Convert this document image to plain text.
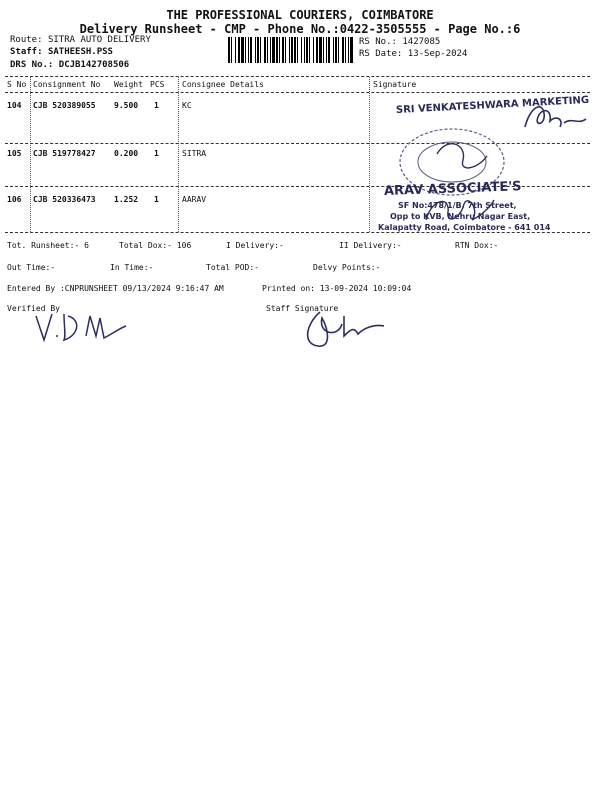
THE PROFESSIONAL COURIERS, COIMBATORE
Delivery Runsheet - CMP - Phone No.:0422-3505555 - Page No.:6
Route: SITRA AUTO DELIVERY
Staff: SATHEESH.PSS
DRS No.: DCJB142708506
RS No.: 1427085
RS Date: 13-Sep-2024
S No Consignment No Weight PCS Consignee Details	Signature
104 CJB 520389055 9.500 1	KC
105 CJB 519778427 0.200 1	SITRA
106 CJB 520336473 1.252 1	AARAV
SRI VENKATESHWARA MARKETING
ARAV ASSOCIATE'S
SF No:478/1/B, 7th Street,
Opp to KVB, Nehru Nagar East,
Kalapatty Road, Coimbatore - 641 014
Tot. Runsheet:- 6	Total Dox:- 106	I Delivery:-	II Delivery:-	RTN Dox:-
Out Time:-	In Time:-	Total POD:-	Delvy Points:-
Entered By :CNPRUNSHEET 09/13/2024 9:16:47 AM	Printed on: 13-09-2024 10:09:04
Verified By	Staff Signature
